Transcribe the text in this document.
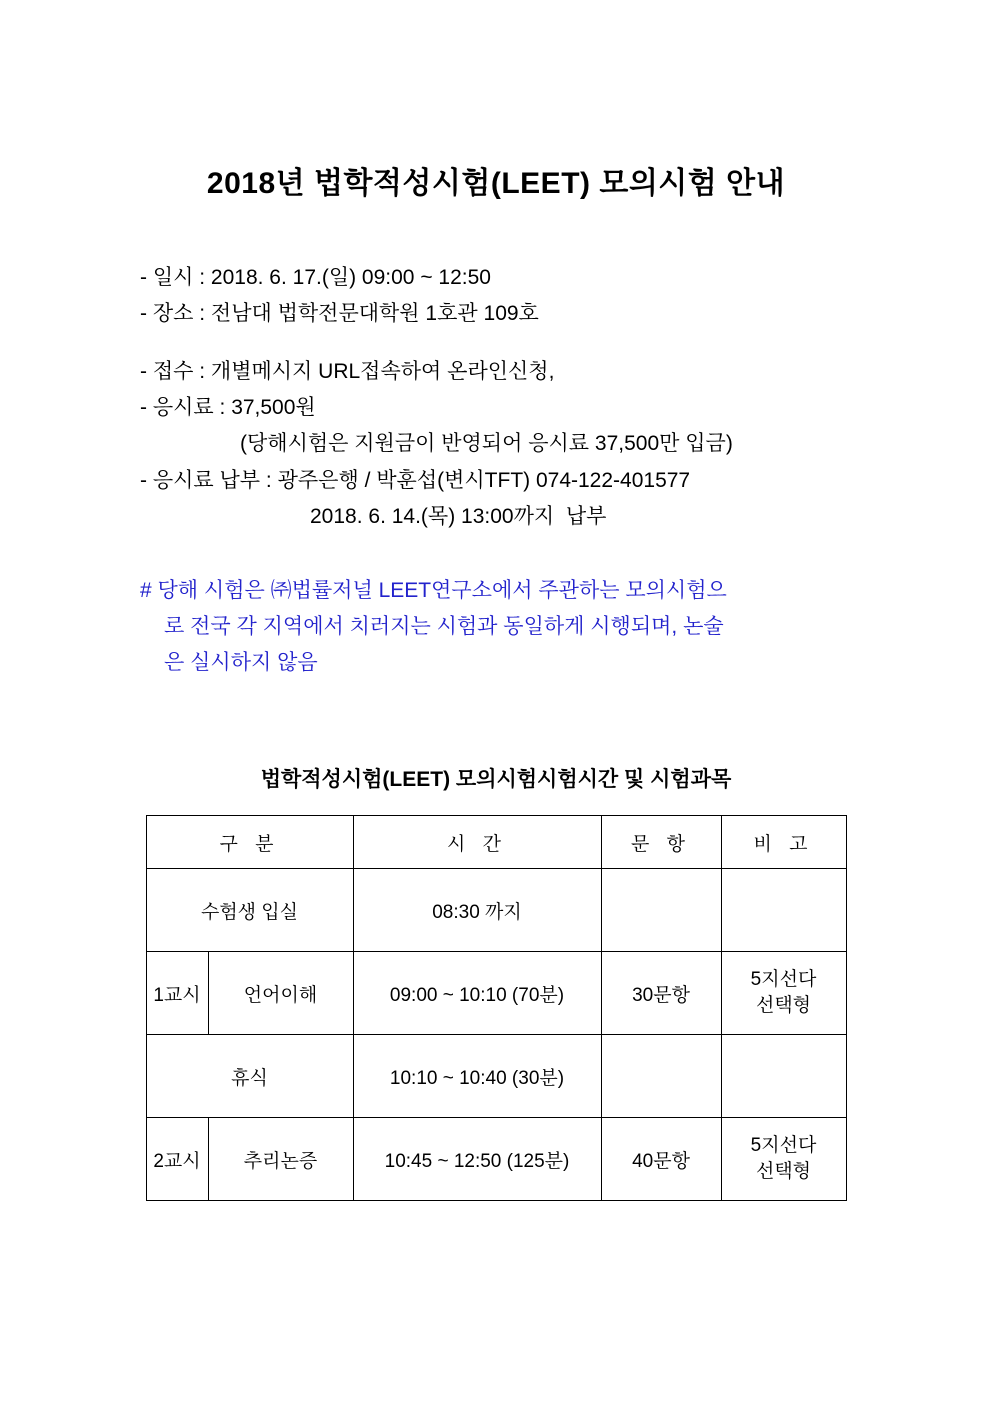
2018년 법학적성시험(LEET) 모의시험 안내
- 일시 : 2018. 6. 17.(일) 09:00 ~ 12:50
- 장소 : 전남대 법학전문대학원 1호관 109호

- 접수 : 개별메시지 URL접속하여 온라인신청,
- 응시료 : 37,500원
(당해시험은 지원금이 반영되어 응시료 37,500만 입금)
- 응시료 납부 : 광주은행 / 박훈섭(변시TFT) 074-122-401577
2018. 6. 14.(목) 13:00까지  납부
# 당해 시험은 ㈜법률저널 LEET연구소에서 주관하는 모의시험으
로 전국 각 지역에서 치러지는 시험과 동일하게 시행되며, 논술
은 실시하지 않음
법학적성시험(LEET) 모의시험시험시간 및 시험과목
구 분		시 간	문 항	비 고
수험생 입실		08:30 까지		
1교시	언어이해	09:00 ~ 10:10 (70분)	30문항	5지선다
선택형

휴식		10:10 ~ 10:40 (30분)		
2교시	추리논증	10:45 ~ 12:50 (125분)	40문항	5지선다
선택형
